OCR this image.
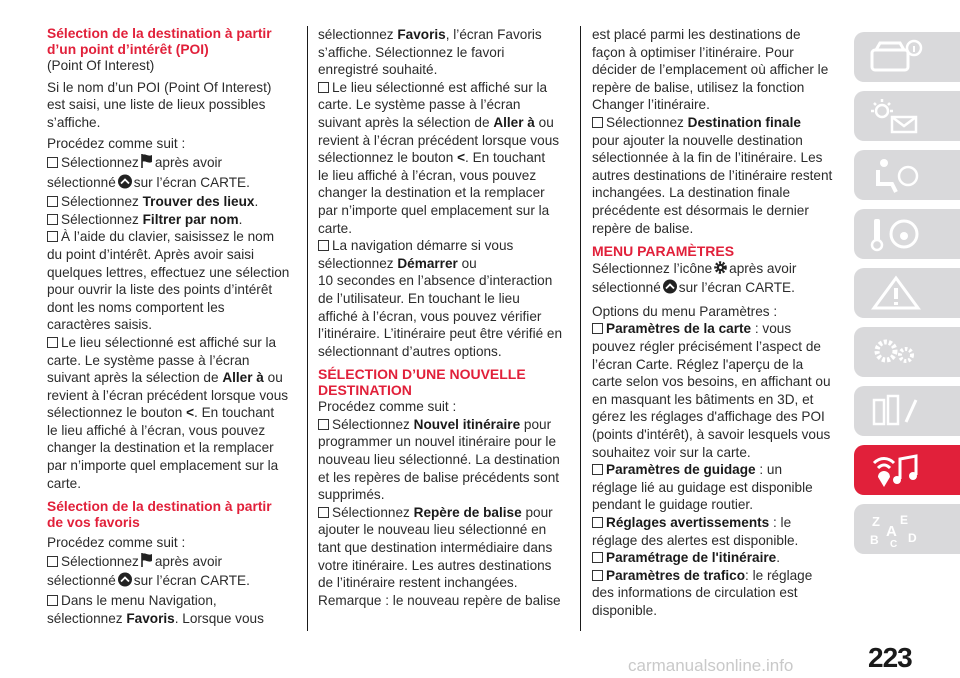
Sélection de la destination à partir
d’un point d’intérêt (POI)
(Point Of Interest)
Si le nom d’un POI (Point Of Interest)
est saisi, une liste de lieux possibles
s’affiche.
Procédez comme suit :
Sélectionnez après avoir
sélectionné sur l’écran CARTE.
Sélectionnez Trouver des lieux.
Sélectionnez Filtrer par nom.
À l’aide du clavier, saisissez le nom
du point d’intérêt. Après avoir saisi
quelques lettres, effectuez une sélection
pour ouvrir la liste des points d’intérêt
dont les noms comportent les
caractères saisis.
Le lieu sélectionné est affiché sur la
carte. Le système passe à l’écran
suivant après la sélection de Aller à ou
revient à l’écran précédent lorsque vous
sélectionnez le bouton <. En touchant
le lieu affiché à l’écran, vous pouvez
changer la destination et la remplacer
par n’importe quel emplacement sur la
carte.
Sélection de la destination à partir
de vos favoris
Procédez comme suit :
Sélectionnez après avoir
sélectionné sur l’écran CARTE.
Dans le menu Navigation,
sélectionnez Favoris. Lorsque vous
sélectionnez Favoris, l’écran Favoris
s’affiche. Sélectionnez le favori
enregistré souhaité.
Le lieu sélectionné est affiché sur la
carte. Le système passe à l’écran
suivant après la sélection de Aller à ou
revient à l’écran précédent lorsque vous
sélectionnez le bouton <. En touchant
le lieu affiché à l’écran, vous pouvez
changer la destination et la remplacer
par n’importe quel emplacement sur la
carte.
La navigation démarre si vous
sélectionnez Démarrer ou
10 secondes en l’absence d’interaction
de l’utilisateur. En touchant le lieu
affiché à l’écran, vous pouvez vérifier
l’itinéraire. L’itinéraire peut être vérifié en
sélectionnant d’autres options.
SÉLECTION D’UNE NOUVELLE
DESTINATION
Procédez comme suit :
Sélectionnez Nouvel itinéraire pour
programmer un nouvel itinéraire pour le
nouveau lieu sélectionné. La destination
et les repères de balise précédents sont
supprimés.
Sélectionnez Repère de balise pour
ajouter le nouveau lieu sélectionné en
tant que destination intermédiaire dans
votre itinéraire. Les autres destinations
de l’itinéraire restent inchangées.
Remarque : le nouveau repère de balise
est placé parmi les destinations de
façon à optimiser l’itinéraire. Pour
décider de l’emplacement où afficher le
repère de balise, utilisez la fonction
Changer l’itinéraire.
Sélectionnez Destination finale
pour ajouter la nouvelle destination
sélectionnée à la fin de l’itinéraire. Les
autres destinations de l’itinéraire restent
inchangées. La destination finale
précédente est désormais le dernier
repère de balise.
MENU PARAMÈTRES
Sélectionnez l’icône après avoir
sélectionné sur l’écran CARTE.
Options du menu Paramètres :
Paramètres de la carte : vous
pouvez régler précisément l’aspect de
l’écran Carte. Réglez l'aperçu de la
carte selon vos besoins, en affichant ou
en masquant les bâtiments en 3D, et
gérez les réglages d'affichage des POI
(points d'intérêt), à savoir lesquels vous
souhaitez voir sur la carte.
Paramètres de guidage : un
réglage lié au guidage est disponible
pendant le guidage routier.
Réglages avertissements : le
réglage des alertes est disponible.
Paramétrage de l'itinéraire.
Paramètres de trafico: le réglage
des informations de circulation est
disponible.
Z E
A
B D
C
carmanualsonline.info	223
